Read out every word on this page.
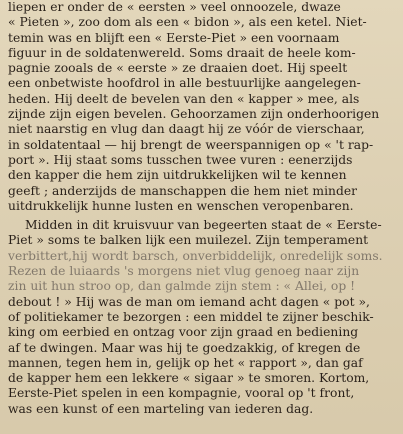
liepen er onder de « eersten » veel onnoozele, dwaze
« Pieten », zoo dom als een « bidon », als een ketel. Niet-
temin was en blijft een « Eerste-Piet » een voornaam
figuur in de soldatenwereld. Soms draait de heele kom-
pagnie zooals de « eerste » ze draaien doet. Hij speelt
een onbetwiste hoofdrol in alle bestuurlijke aangelegen-
heden. Hij deelt de bevelen van den « kapper » mee, als
zijnde zijn eigen bevelen. Gehoorzamen zijn onderhoorigen
niet naarstig en vlug dan daagt hij ze vóór de vierschaar,
in soldatentaal — hij brengt de weerspannigen op « 't rap-
port ». Hij staat soms tusschen twee vuren : eenerzijds
den kapper die hem zijn uitdrukkelijken wil te kennen
geeft ; anderzijds de manschappen die hem niet minder
uitdrukkelijk hunne lusten en wenschen veropenbaren.
Midden in dit kruisvuur van begeerten staat de « Eerste-
Piet » soms te balken lijk een muilezel. Zijn temperament
verbittert,hij wordt barsch, onverbiddelijk, onredelijk soms.
Rezen de luiaards 's morgens niet vlug genoeg naar zijn
zin uit hun stroo op, dan galmde zijn stem : « Allei, op !
debout ! » Hij was de man om iemand acht dagen « pot »,
of politiekamer te bezorgen : een middel te zijner beschik-
king om eerbied en ontzag voor zijn graad en bediening
af te dwingen. Maar was hij te goedzakkig, of kregen de
mannen, tegen hem in, gelijk op het « rapport », dan gaf
de kapper hem een lekkere « sigaar » te smoren. Kortom,
Eerste-Piet spelen in een kompagnie, vooral op 't front,
was een kunst of een marteling van iederen dag.
